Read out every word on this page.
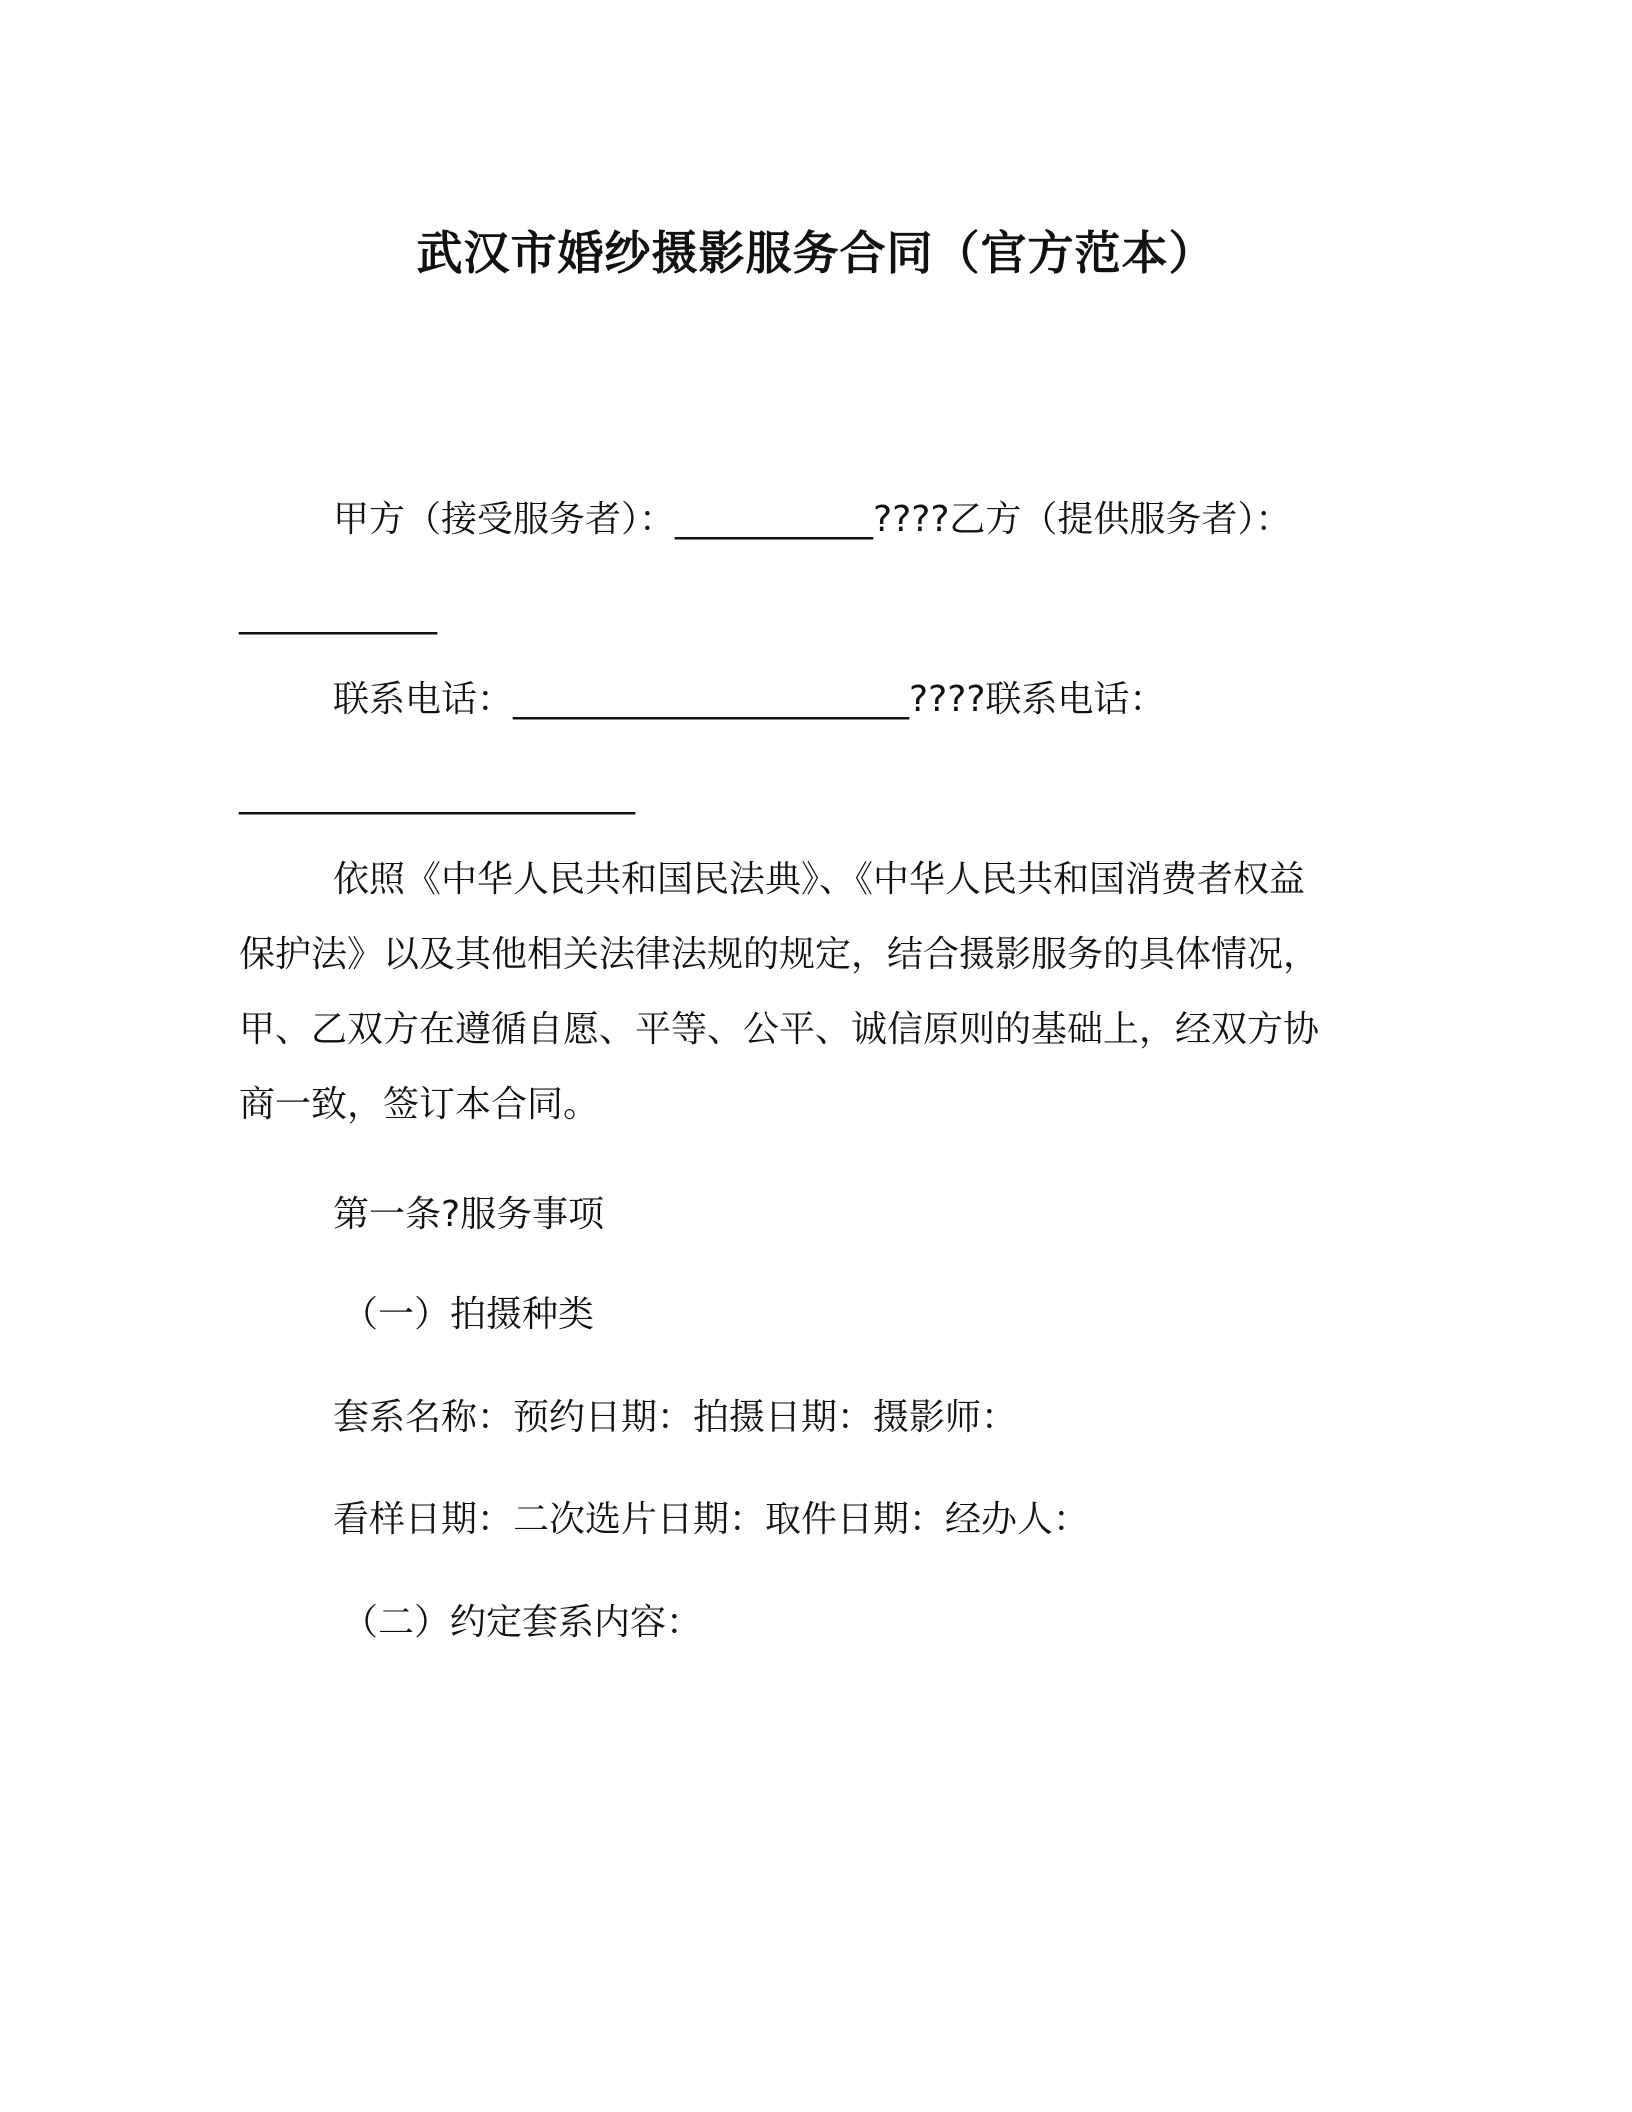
武汉市婚纱摄影服务合同（官方范本）
甲方（接受服务者）：___________????乙方（提供服务者）：
___________
联系电话：______________________????联系电话：
______________________
依照《中华人民共和国民法典》、《中华人民共和国消费者权益
保护法》以及其他相关法律法规的规定，结合摄影服务的具体情况，
甲、乙双方在遵循自愿、平等、公平、诚信原则的基础上，经双方协
商一致，签订本合同。
第一条?服务事项
（一）拍摄种类
套系名称：预约日期：拍摄日期：摄影师：
看样日期：二次选片日期：取件日期：经办人：
（二）约定套系内容：
